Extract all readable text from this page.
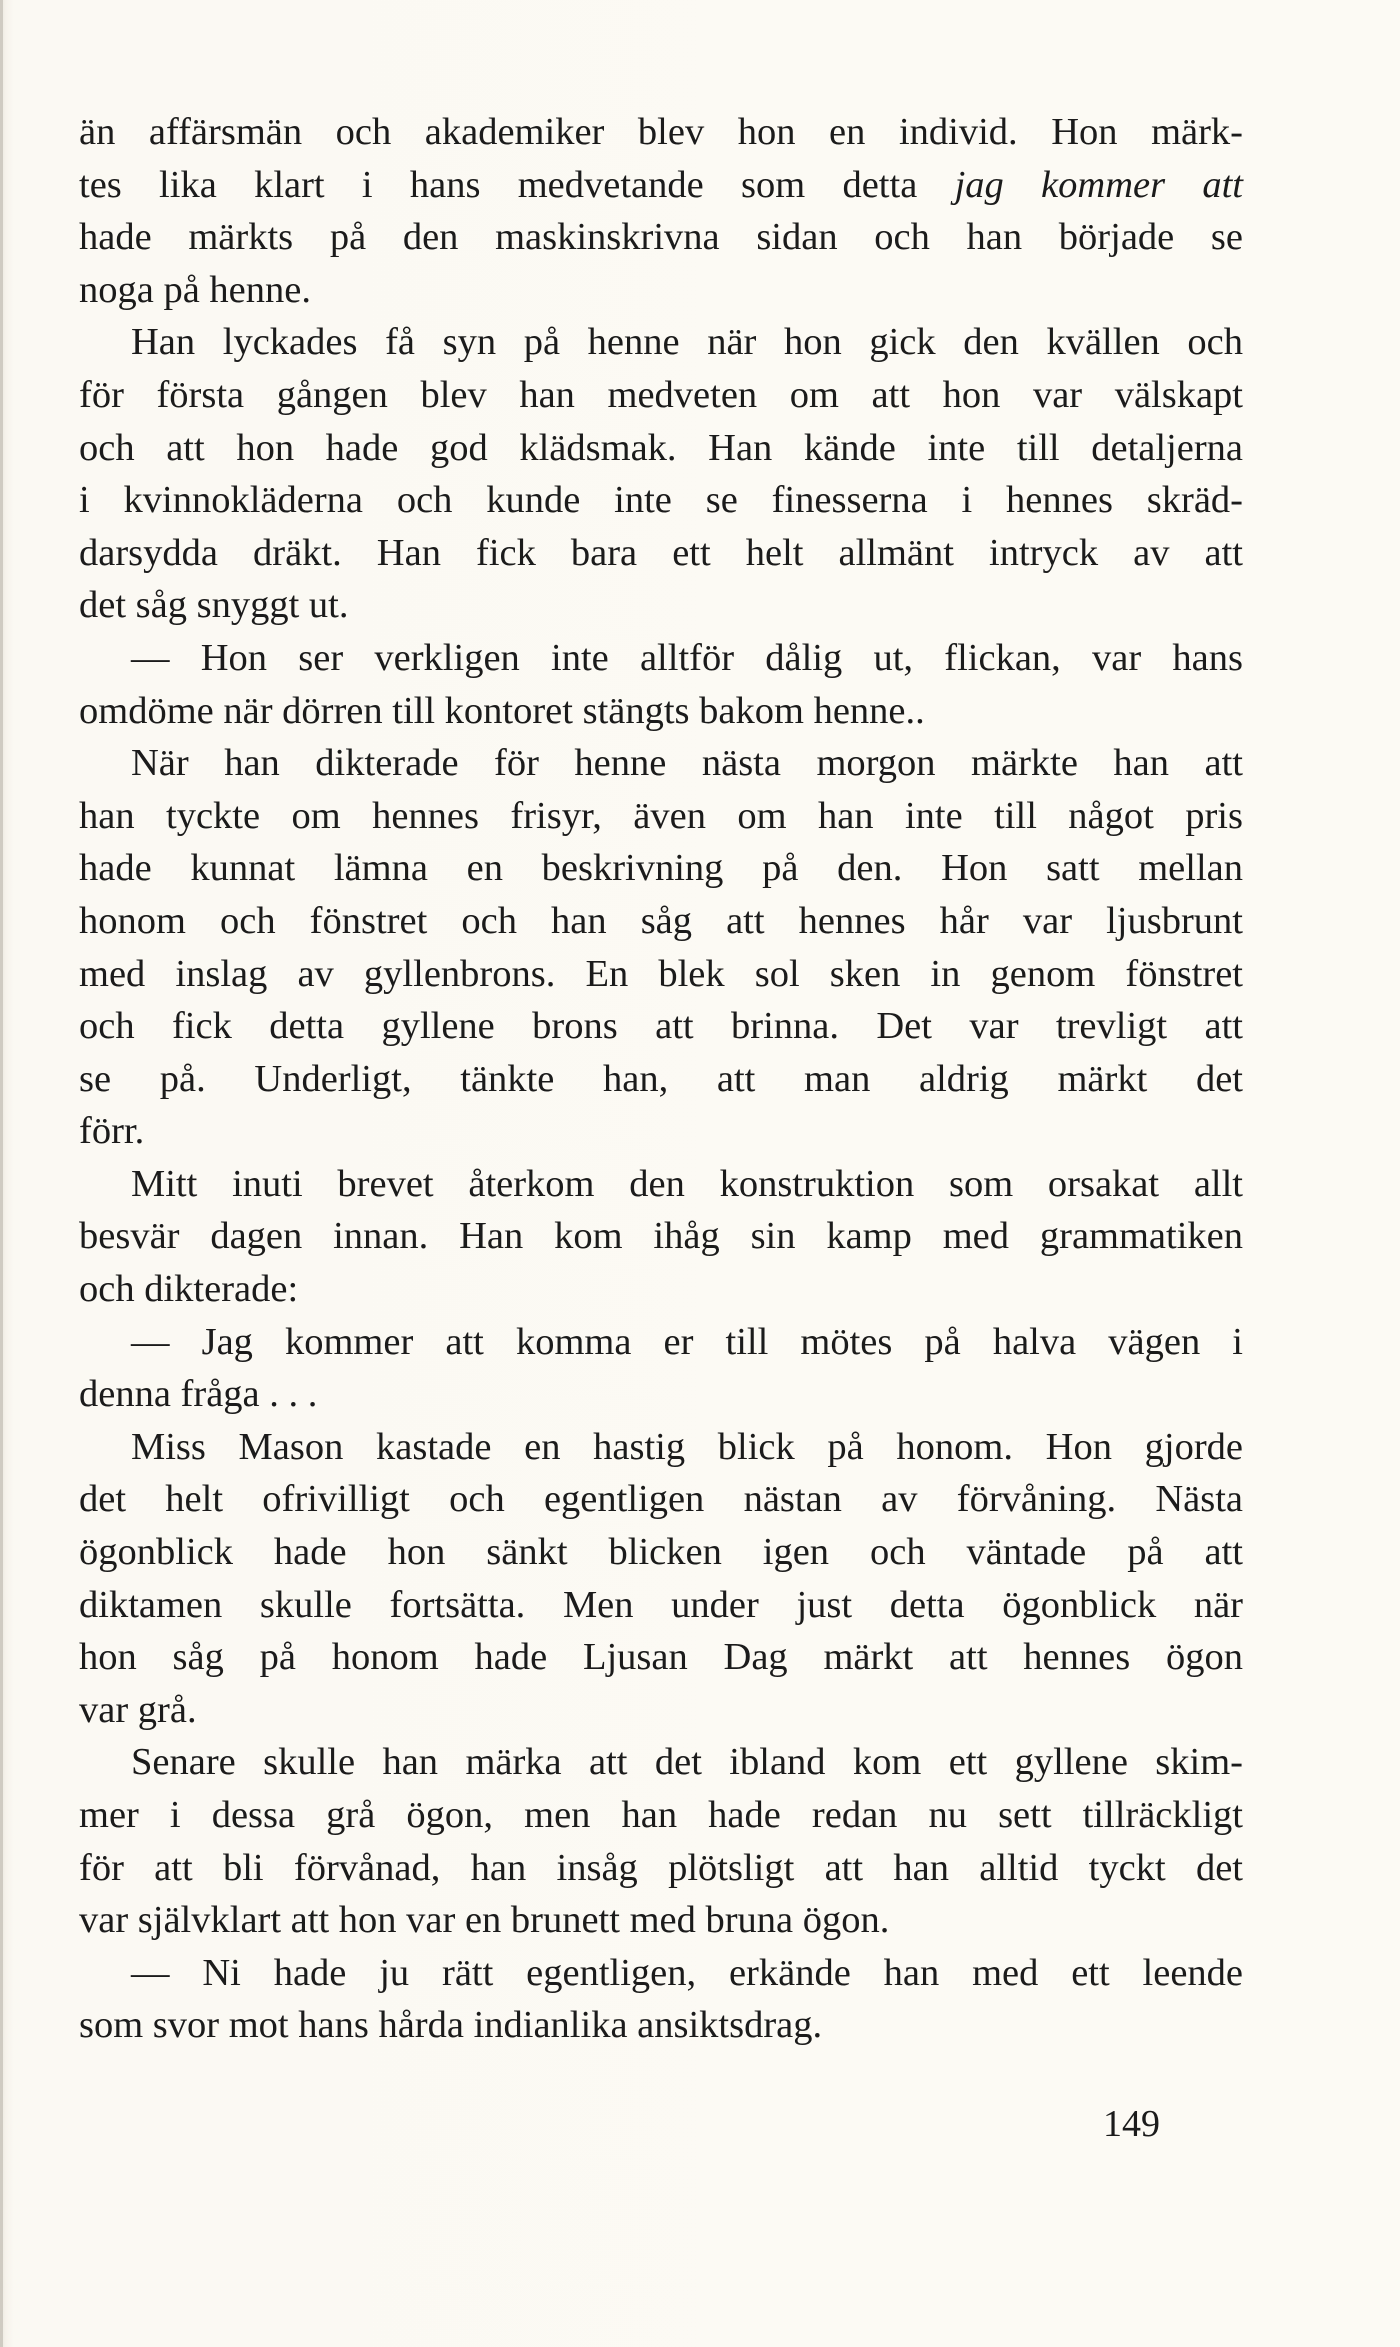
än affärsmän och akademiker blev hon en individ. Hon märk-
tes lika klart i hans medvetande som detta jag kommer att
hade märkts på den maskinskrivna sidan och han började se
noga på henne.
Han lyckades få syn på henne när hon gick den kvällen och
för första gången blev han medveten om att hon var välskapt
och att hon hade god klädsmak. Han kände inte till detaljerna
i kvinnokläderna och kunde inte se finesserna i hennes skräd-
darsydda dräkt. Han fick bara ett helt allmänt intryck av att
det såg snyggt ut.
— Hon ser verkligen inte alltför dålig ut, flickan, var hans
omdöme när dörren till kontoret stängts bakom henne..
När han dikterade för henne nästa morgon märkte han att
han tyckte om hennes frisyr, även om han inte till något pris
hade kunnat lämna en beskrivning på den. Hon satt mellan
honom och fönstret och han såg att hennes hår var ljusbrunt
med inslag av gyllenbrons. En blek sol sken in genom fönstret
och fick detta gyllene brons att brinna. Det var trevligt att
se på. Underligt, tänkte han, att man aldrig märkt det
förr.
Mitt inuti brevet återkom den konstruktion som orsakat allt
besvär dagen innan. Han kom ihåg sin kamp med grammatiken
och dikterade:
— Jag kommer att komma er till mötes på halva vägen i
denna fråga . . .
Miss Mason kastade en hastig blick på honom. Hon gjorde
det helt ofrivilligt och egentligen nästan av förvåning. Nästa
ögonblick hade hon sänkt blicken igen och väntade på att
diktamen skulle fortsätta. Men under just detta ögonblick när
hon såg på honom hade Ljusan Dag märkt att hennes ögon
var grå.
Senare skulle han märka att det ibland kom ett gyllene skim-
mer i dessa grå ögon, men han hade redan nu sett tillräckligt
för att bli förvånad, han insåg plötsligt att han alltid tyckt det
var självklart att hon var en brunett med bruna ögon.
— Ni hade ju rätt egentligen, erkände han med ett leende
som svor mot hans hårda indianlika ansiktsdrag.
149
